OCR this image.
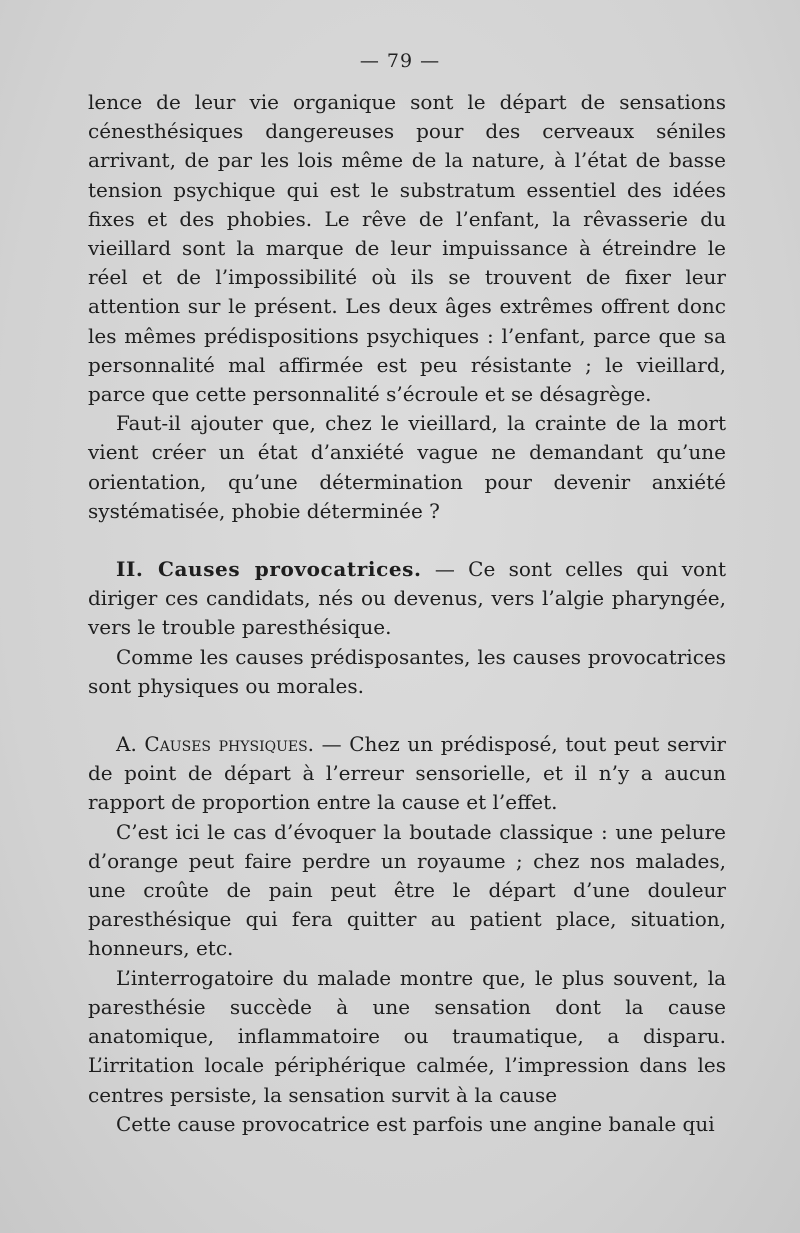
— 79 —

lence de leur vie organique sont le départ de sensations cénesthésiques dangereuses pour des cerveaux séniles arrivant, de par les lois même de la nature, à l’état de basse tension psychique qui est le substratum essentiel des idées fixes et des phobies. Le rêve de l’enfant, la rêvasserie du vieillard sont la marque de leur impuissance à étreindre le réel et de l’impossibilité où ils se trouvent de fixer leur attention sur le présent. Les deux âges extrêmes offrent donc les mêmes prédispositions psychiques : l’enfant, parce que sa personnalité mal affirmée est peu résistante ; le vieillard, parce que cette personnalité s’écroule et se désagrège.

Faut-il ajouter que, chez le vieillard, la crainte de la mort vient créer un état d’anxiété vague ne demandant qu’une orientation, qu’une détermination pour devenir anxiété systématisée, phobie déterminée ?

II. Causes provocatrices. — Ce sont celles qui vont diriger ces candidats, nés ou devenus, vers l’algie pharyngée, vers le trouble paresthésique.

Comme les causes prédisposantes, les causes provocatrices sont physiques ou morales.

A. Causes physiques. — Chez un prédisposé, tout peut servir de point de départ à l’erreur sensorielle, et il n’y a aucun rapport de proportion entre la cause et l’effet.

C’est ici le cas d’évoquer la boutade classique : une pelure d’orange peut faire perdre un royaume ; chez nos malades, une croûte de pain peut être le départ d’une douleur paresthésique qui fera quitter au patient place, situation, honneurs, etc.

L’interrogatoire du malade montre que, le plus souvent, la paresthésie succède à une sensation dont la cause anatomique, inflammatoire ou traumatique, a disparu. L’irritation locale périphérique calmée, l’impression dans les centres persiste, la sensation survit à la cause

Cette cause provocatrice est parfois une angine banale qui
